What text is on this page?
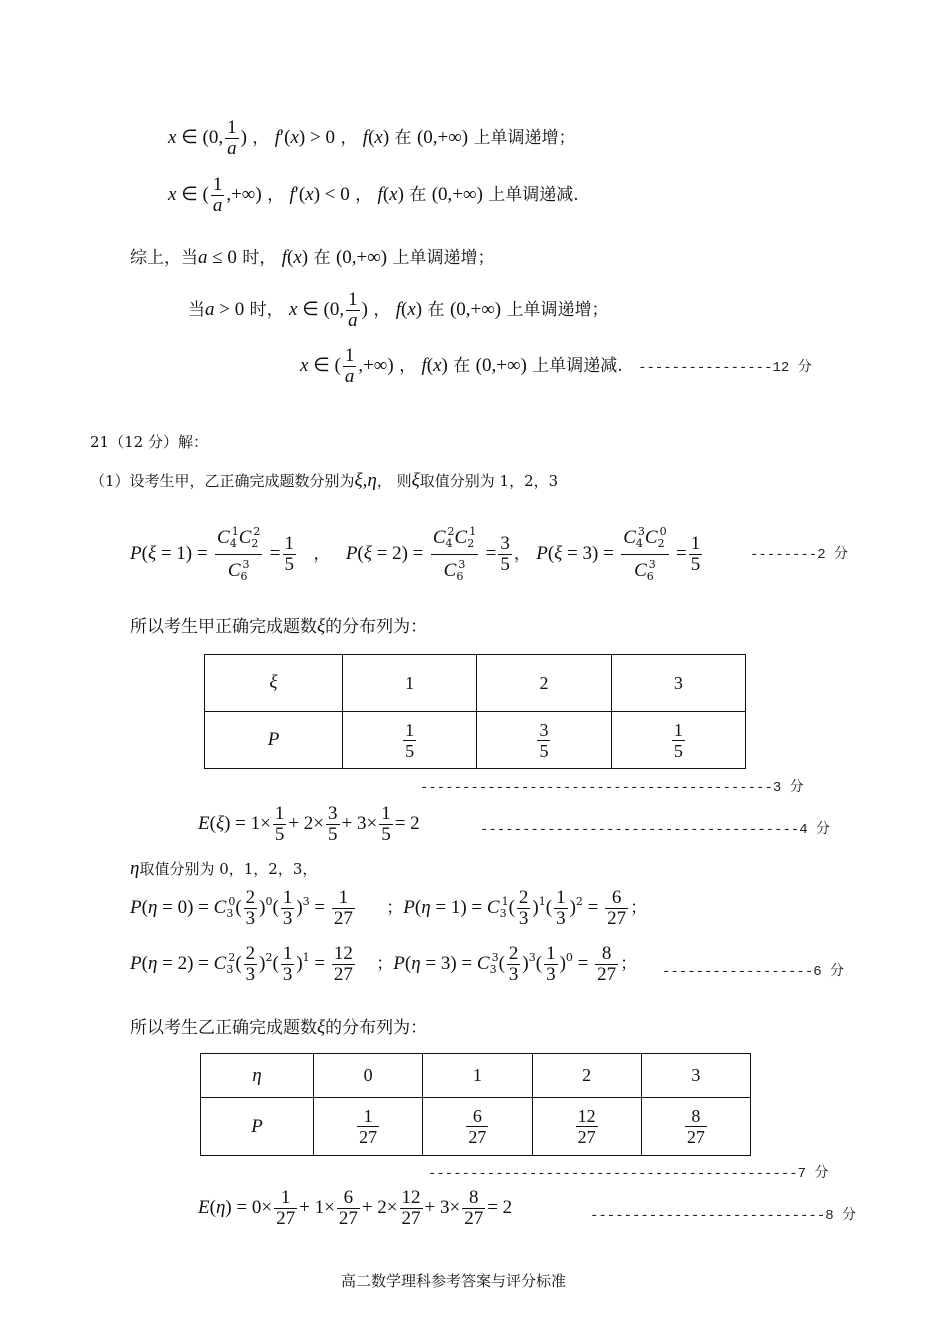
x ∈ (0, $\frac{1}{a}$ ) ， f′(x) > 0 ， f(x) 在 (0,+∞) 上单调递增；
x ∈ ( $\frac{1}{a}$ ,+∞) ， f′(x) < 0 ， f(x) 在 (0,+∞) 上单调递减.
综上，当a ≤ 0 时， f(x) 在 (0,+∞) 上单调递增；
当a > 0 时， x ∈ (0, $\frac{1}{a}$ ) ， f(x) 在 (0,+∞) 上单调递增；
x ∈ ( $\frac{1}{a}$ ,+∞) ， f(x) 在 (0,+∞) 上单调递减. ----------------12 分
21（12 分）解：
（1）设考生甲，乙正确完成题数分别为ξ,η， 则ξ取值分别为 1，2，3
$P(\xi = 1) = \frac{C_4^1C_2^2}{C_6^3} = \frac{1}{5}$ ， $P(\xi = 2) = \frac{C_4^2C_2^1}{C_6^3} = \frac{3}{5}$ ， $P(\xi = 3) = \frac{C_4^3C_2^0}{C_6^3} = \frac{1}{5}$	--------2 分
所以考生甲正确完成题数ξ的分布列为：
ξ	1	2	3
P	$\frac{1}{5}$	$\frac{3}{5}$	$\frac{1}{5}$
------------------------------------------3 分
$E(\xi) = 1\times \frac{1}{5} + 2\times \frac{3}{5} + 3\times \frac{1}{5} = 2$	--------------------------------------4 分
η取值分别为 0，1，2，3，
$P(\eta = 0) = C_3^0( \frac{2}{3} )^0( \frac{1}{3} )^3 = \frac{1}{27}$ ；$P(\eta = 1) = C_3^1( \frac{2}{3} )^1( \frac{1}{3} )^2 = \frac{6}{27}$ ；
$P(\eta = 2) = C_3^2( \frac{2}{3} )^2( \frac{1}{3} )^1 = \frac{12}{27}$ ；$P(\eta = 3) = C_3^3( \frac{2}{3} )^3( \frac{1}{3} )^0 = \frac{8}{27}$ ； ------------------6 分
所以考生乙正确完成题数ξ的分布列为：
η	0	1	2	3
P	$\frac{1}{27}$	$\frac{6}{27}$	$\frac{12}{27}$	$\frac{8}{27}$
--------------------------------------------7 分
$E(\eta) = 0\times \frac{1}{27} + 1\times \frac{6}{27} + 2\times \frac{12}{27} + 3\times \frac{8}{27} = 2$	----------------------------8 分
高二数学理科参考答案与评分标准
